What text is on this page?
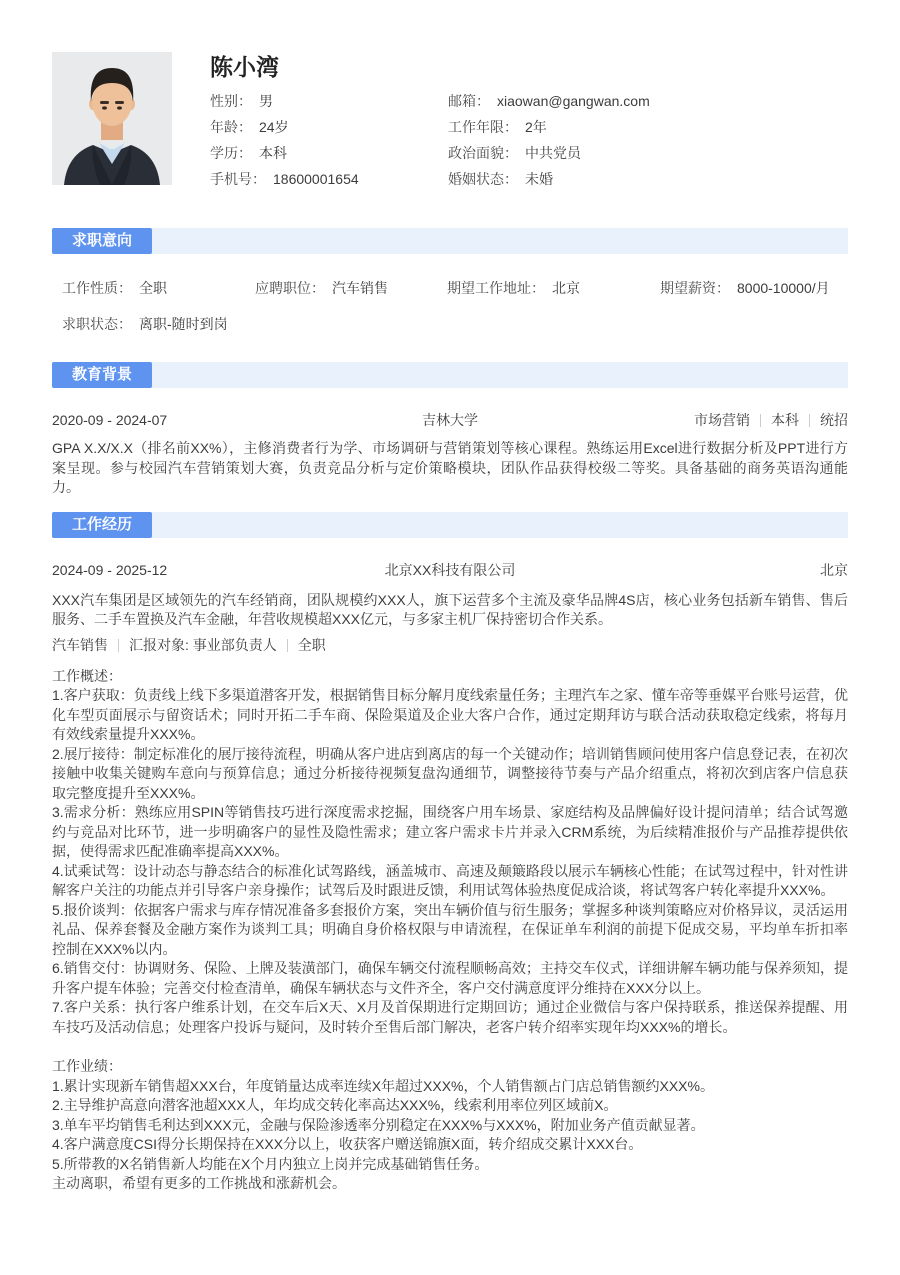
陈小湾
性别： 男	邮箱： xiaowan@gangwan.com
年龄： 24岁	工作年限： 2年
学历： 本科	政治面貌： 中共党员
手机号： 18600001654	婚姻状态： 未婚
求职意向
工作性质： 全职	应聘职位： 汽车销售	期望工作地址： 北京	期望薪资： 8000-10000/月
求职状态： 离职-随时到岗
教育背景
2020-09 - 2024-07	吉林大学	市场营销 本科 统招

GPA X.X/X.X（排名前XX%），主修消费者行为学、市场调研与营销策划等核心课程。熟练运用Excel进行数据分析及PPT进行方案呈现。参与校园汽车营销策划大赛，负责竞品分析与定价策略模块，团队作品获得校级二等奖。具备基础的商务英语沟通能力。

工作经历
2024-09 - 2025-12	北京XX科技有限公司	北京

XXX汽车集团是区域领先的汽车经销商，团队规模约XXX人，旗下运营多个主流及豪华品牌4S店，核心业务包括新车销售、售后服务、二手车置换及汽车金融，年营收规模超XXX亿元，与多家主机厂保持密切合作关系。

汽车销售 汇报对象: 事业部负责人 全职

工作概述：

1.客户获取：负责线上线下多渠道潜客开发，根据销售目标分解月度线索量任务；主理汽车之家、懂车帝等垂媒平台账号运营，优化车型页面展示与留资话术；同时开拓二手车商、保险渠道及企业大客户合作，通过定期拜访与联合活动获取稳定线索，将每月有效线索量提升XXX%。

2.展厅接待：制定标准化的展厅接待流程，明确从客户进店到离店的每一个关键动作；培训销售顾问使用客户信息登记表，在初次接触中收集关键购车意向与预算信息；通过分析接待视频复盘沟通细节，调整接待节奏与产品介绍重点，将初次到店客户信息获取完整度提升至XXX%。

3.需求分析：熟练应用SPIN等销售技巧进行深度需求挖掘，围绕客户用车场景、家庭结构及品牌偏好设计提问清单；结合试驾邀约与竞品对比环节，进一步明确客户的显性及隐性需求；建立客户需求卡片并录入CRM系统，为后续精准报价与产品推荐提供依据，使得需求匹配准确率提高XXX%。

4.试乘试驾：设计动态与静态结合的标准化试驾路线，涵盖城市、高速及颠簸路段以展示车辆核心性能；在试驾过程中，针对性讲解客户关注的功能点并引导客户亲身操作；试驾后及时跟进反馈，利用试驾体验热度促成洽谈，将试驾客户转化率提升XXX%。

5.报价谈判：依据客户需求与库存情况准备多套报价方案，突出车辆价值与衍生服务；掌握多种谈判策略应对价格异议，灵活运用礼品、保养套餐及金融方案作为谈判工具；明确自身价格权限与申请流程，在保证单车利润的前提下促成交易，平均单车折扣率控制在XXX%以内。

6.销售交付：协调财务、保险、上牌及装潢部门，确保车辆交付流程顺畅高效；主持交车仪式，详细讲解车辆功能与保养须知，提升客户提车体验；完善交付检查清单，确保车辆状态与文件齐全，客户交付满意度评分维持在XXX分以上。

7.客户关系：执行客户维系计划，在交车后X天、X月及首保期进行定期回访；通过企业微信与客户保持联系，推送保养提醒、用车技巧及活动信息；处理客户投诉与疑问，及时转介至售后部门解决，老客户转介绍率实现年均XXX%的增长。

工作业绩：

1.累计实现新车销售超XXX台，年度销量达成率连续X年超过XXX%，个人销售额占门店总销售额约XXX%。

2.主导维护高意向潜客池超XXX人，年均成交转化率高达XXX%，线索利用率位列区域前X。

3.单车平均销售毛利达到XXX元，金融与保险渗透率分别稳定在XXX%与XXX%，附加业务产值贡献显著。

4.客户满意度CSI得分长期保持在XXX分以上，收获客户赠送锦旗X面，转介绍成交累计XXX台。

5.所带教的X名销售新人均能在X个月内独立上岗并完成基础销售任务。

主动离职，希望有更多的工作挑战和涨薪机会。
